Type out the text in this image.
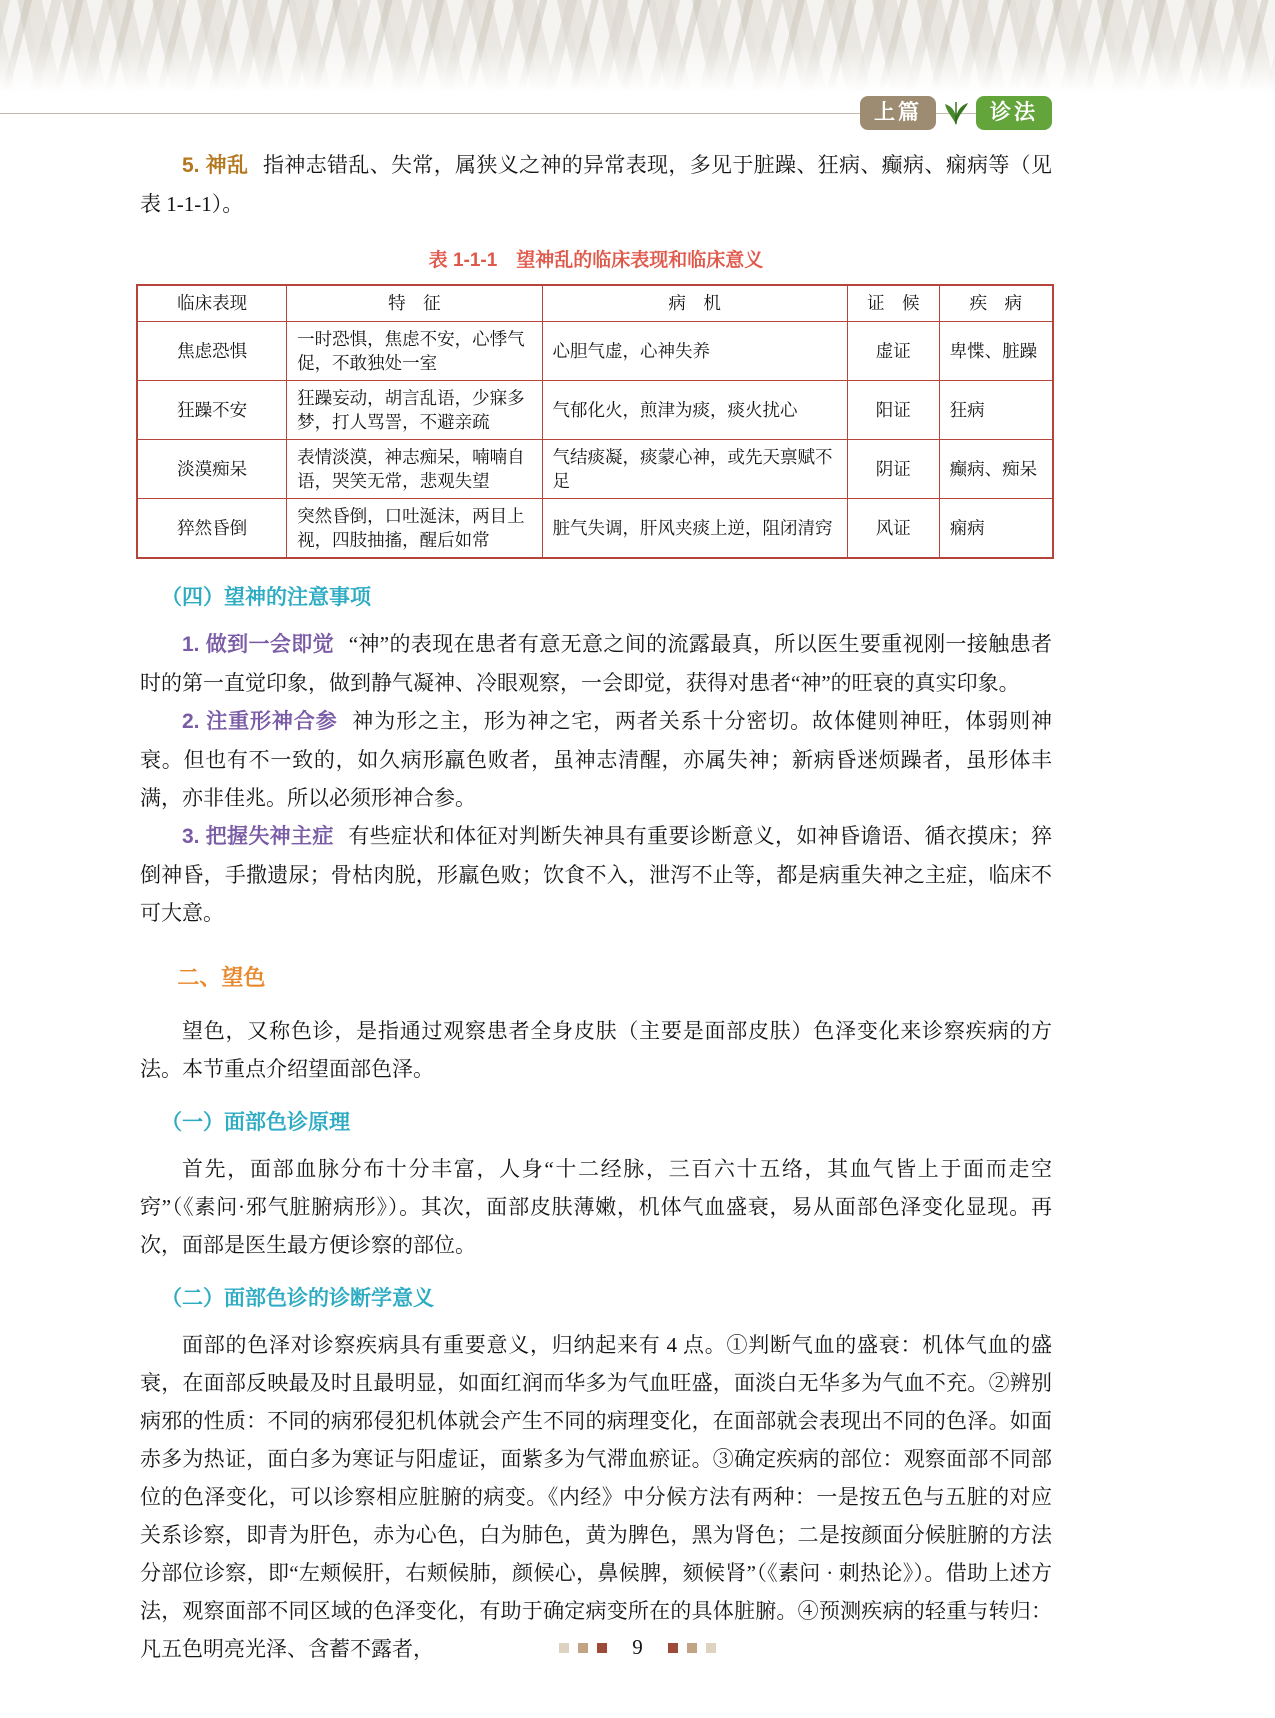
上篇	诊法

5. 神乱 指神志错乱、失常，属狭义之神的异常表现，多见于脏躁、狂病、癫病、痫病等（见表 1-1-1）。

表 1-1-1　望神乱的临床表现和临床意义
临床表现	特　征	病　机	证　候	疾　病
焦虑恐惧	一时恐惧，焦虑不安，心悸气促，不敢独处一室	心胆气虚，心神失养	虚证	卑惵、脏躁
狂躁不安	狂躁妄动，胡言乱语，少寐多梦，打人骂詈，不避亲疏	气郁化火，煎津为痰，痰火扰心	阳证	狂病
淡漠痴呆	表情淡漠，神志痴呆，喃喃自语，哭笑无常，悲观失望	气结痰凝，痰蒙心神，或先天禀赋不足	阴证	癫病、痴呆
猝然昏倒	突然昏倒，口吐涎沫，两目上视，四肢抽搐，醒后如常	脏气失调，肝风夹痰上逆，阻闭清窍	风证	痫病
（四）望神的注意事项

1. 做到一会即觉 “神”的表现在患者有意无意之间的流露最真，所以医生要重视刚一接触患者时的第一直觉印象，做到静气凝神、冷眼观察，一会即觉，获得对患者“神”的旺衰的真实印象。

2. 注重形神合参 神为形之主，形为神之宅，两者关系十分密切。故体健则神旺，体弱则神衰。但也有不一致的，如久病形羸色败者，虽神志清醒，亦属失神；新病昏迷烦躁者，虽形体丰满，亦非佳兆。所以必须形神合参。

3. 把握失神主症 有些症状和体征对判断失神具有重要诊断意义，如神昏谵语、循衣摸床；猝倒神昏，手撒遗尿；骨枯肉脱，形羸色败；饮食不入，泄泻不止等，都是病重失神之主症，临床不可大意。

二、望色

望色，又称色诊，是指通过观察患者全身皮肤（主要是面部皮肤）色泽变化来诊察疾病的方法。本节重点介绍望面部色泽。

（一）面部色诊原理

首先，面部血脉分布十分丰富，人身“十二经脉，三百六十五络，其血气皆上于面而走空窍”（《素问·邪气脏腑病形》）。其次，面部皮肤薄嫩，机体气血盛衰，易从面部色泽变化显现。再次，面部是医生最方便诊察的部位。

（二）面部色诊的诊断学意义

面部的色泽对诊察疾病具有重要意义，归纳起来有 4 点。①判断气血的盛衰：机体气血的盛衰，在面部反映最及时且最明显，如面红润而华多为气血旺盛，面淡白无华多为气血不充。②辨别病邪的性质：不同的病邪侵犯机体就会产生不同的病理变化，在面部就会表现出不同的色泽。如面赤多为热证，面白多为寒证与阳虚证，面紫多为气滞血瘀证。③确定疾病的部位：观察面部不同部位的色泽变化，可以诊察相应脏腑的病变。《内经》中分候方法有两种：一是按五色与五脏的对应关系诊察，即青为肝色，赤为心色，白为肺色，黄为脾色，黑为肾色；二是按颜面分候脏腑的方法分部位诊察，即“左颊候肝，右颊候肺，颜候心，鼻候脾，颏候肾”（《素问 · 刺热论》）。借助上述方法，观察面部不同区域的色泽变化，有助于确定病变所在的具体脏腑。④预测疾病的轻重与转归：凡五色明亮光泽、含蓄不露者，	9
